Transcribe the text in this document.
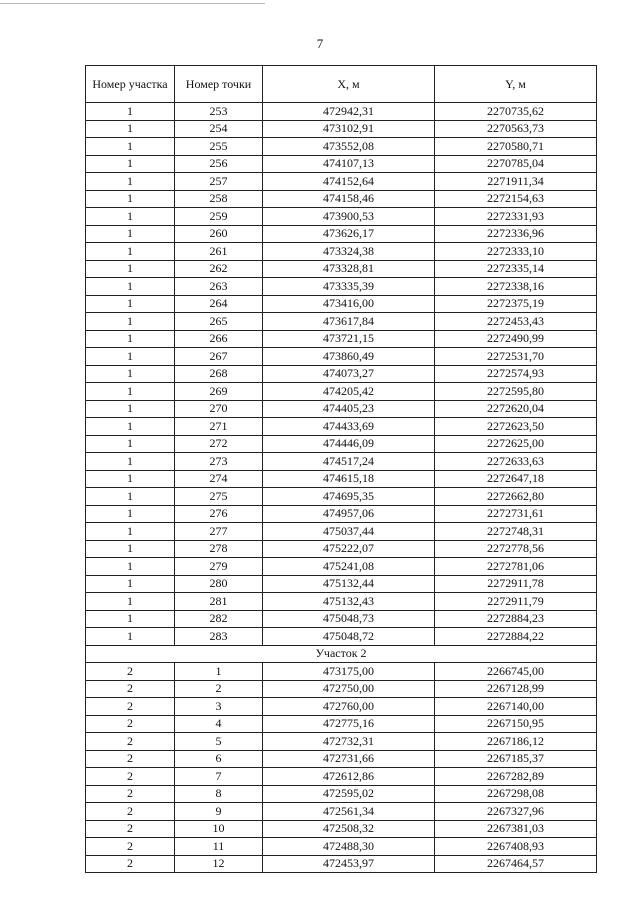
7
Номер участка	Номер точки	X, м	Y, м
1	253	472942,31	2270735,62
1	254	473102,91	2270563,73
1	255	473552,08	2270580,71
1	256	474107,13	2270785,04
1	257	474152,64	2271911,34
1	258	474158,46	2272154,63
1	259	473900,53	2272331,93
1	260	473626,17	2272336,96
1	261	473324,38	2272333,10
1	262	473328,81	2272335,14
1	263	473335,39	2272338,16
1	264	473416,00	2272375,19
1	265	473617,84	2272453,43
1	266	473721,15	2272490,99
1	267	473860,49	2272531,70
1	268	474073,27	2272574,93
1	269	474205,42	2272595,80
1	270	474405,23	2272620,04
1	271	474433,69	2272623,50
1	272	474446,09	2272625,00
1	273	474517,24	2272633,63
1	274	474615,18	2272647,18
1	275	474695,35	2272662,80
1	276	474957,06	2272731,61
1	277	475037,44	2272748,31
1	278	475222,07	2272778,56
1	279	475241,08	2272781,06
1	280	475132,44	2272911,78
1	281	475132,43	2272911,79
1	282	475048,73	2272884,23
1	283	475048,72	2272884,22
Участок 2			
2	1	473175,00	2266745,00
2	2	472750,00	2267128,99
2	3	472760,00	2267140,00
2	4	472775,16	2267150,95
2	5	472732,31	2267186,12
2	6	472731,66	2267185,37
2	7	472612,86	2267282,89
2	8	472595,02	2267298,08
2	9	472561,34	2267327,96
2	10	472508,32	2267381,03
2	11	472488,30	2267408,93
2	12	472453,97	2267464,57
